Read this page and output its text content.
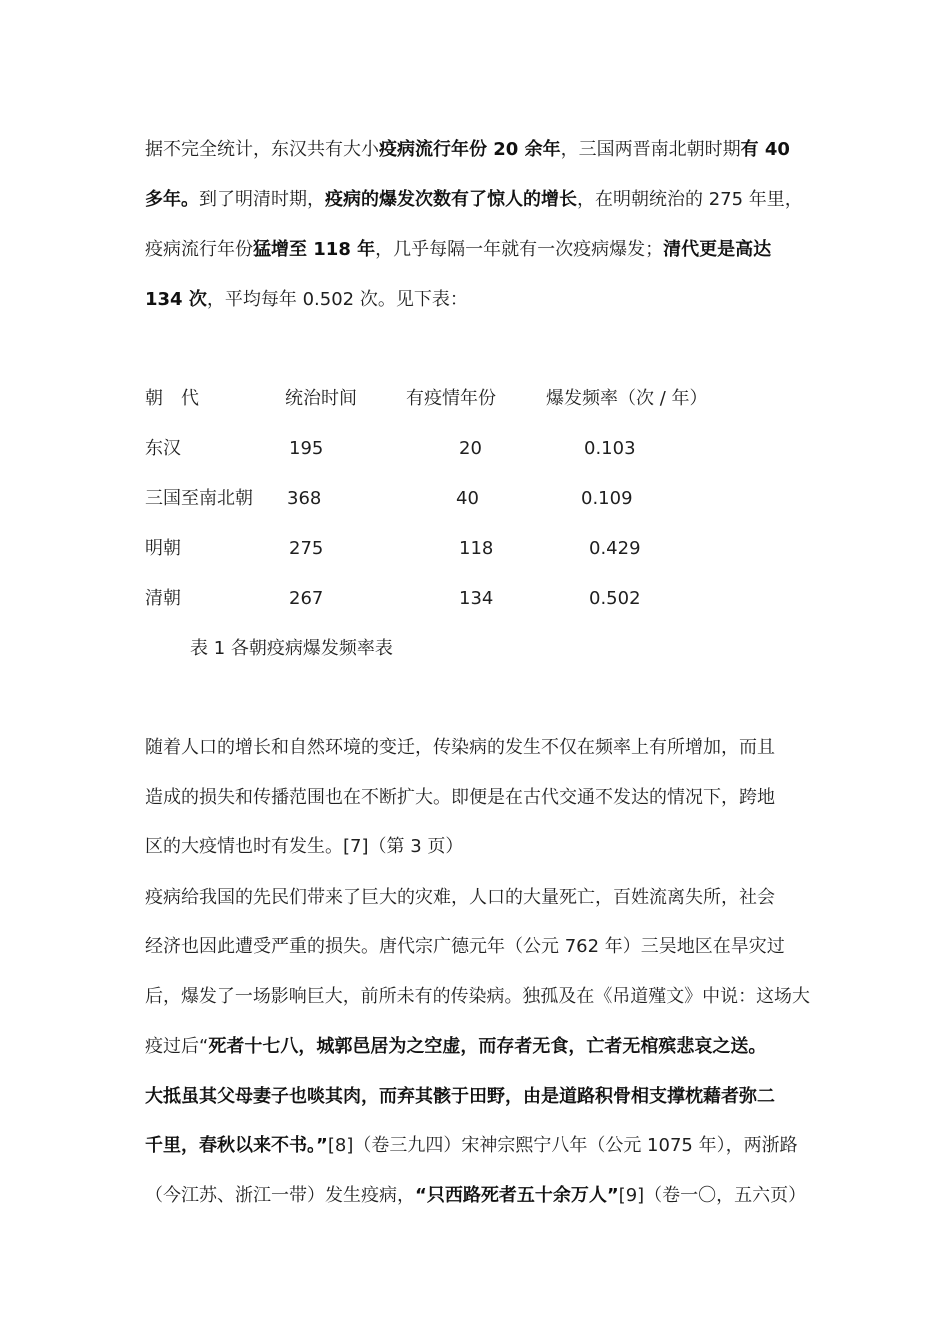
据不完全统计，东汉共有大小疫病流行年份 20 余年，三国两晋南北朝时期有 40
多年。到了明清时期，疫病的爆发次数有了惊人的增长，在明朝统治的 275 年里，
疫病流行年份猛增至 118 年，几乎每隔一年就有一次疫病爆发；清代更是高达
134 次，平均每年 0.502 次。见下表：
朝　代	统治时间	有疫情年份	爆发频率（次 / 年）
东汉	195	20	0.103
三国至南北朝 368	40	0.109
明朝	275	118	0.429
清朝	267	134	0.502
表 1 各朝疫病爆发频率表
随着人口的增长和自然环境的变迁，传染病的发生不仅在频率上有所增加，而且
造成的损失和传播范围也在不断扩大。即便是在古代交通不发达的情况下，跨地
区的大疫情也时有发生。[7]（第 3 页）
疫病给我国的先民们带来了巨大的灾难，人口的大量死亡，百姓流离失所，社会
经济也因此遭受严重的损失。唐代宗广德元年（公元 762 年）三吴地区在旱灾过
后，爆发了一场影响巨大，前所未有的传染病。独孤及在《吊道殣文》中说：这场大
疫过后“死者十七八，城郭邑居为之空虚，而存者无食，亡者无棺殡悲哀之送。
大抵虽其父母妻子也啖其肉，而弃其骸于田野，由是道路积骨相支撑枕藉者弥二
千里，春秋以来不书。”[8]（卷三九四）宋神宗熙宁八年（公元 1075 年），两浙路
（今江苏、浙江一带）发生疫病，“只西路死者五十余万人”[9]（卷一〇，五六页）
